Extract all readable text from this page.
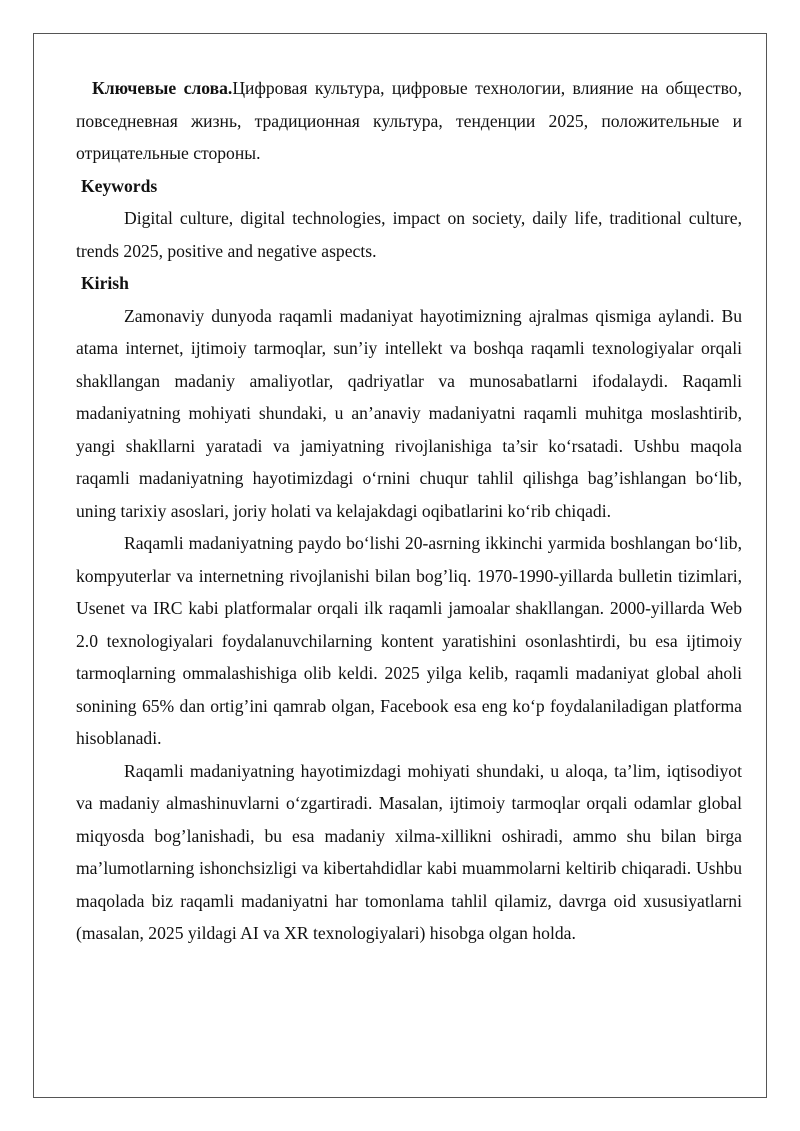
Ключевые слова.Цифровая культура, цифровые технологии, влияние на общество, повседневная жизнь, традиционная культура, тенденции 2025, положительные и отрицательные стороны.

Keywords

Digital culture, digital technologies, impact on society, daily life, traditional culture, trends 2025, positive and negative aspects.

Kirish

Zamonaviy dunyoda raqamli madaniyat hayotimizning ajralmas qismiga aylandi. Bu atama internet, ijtimoiy tarmoqlar, sun’iy intellekt va boshqa raqamli texnologiyalar orqali shakllangan madaniy amaliyotlar, qadriyatlar va munosabatlarni ifodalaydi. Raqamli madaniyatning mohiyati shundaki, u an’anaviy madaniyatni raqamli muhitga moslashtirib, yangi shakllarni yaratadi va jamiyatning rivojlanishiga ta’sir ko‘rsatadi. Ushbu maqola raqamli madaniyatning hayotimizdagi o‘rnini chuqur tahlil qilishga bag’ishlangan bo‘lib, uning tarixiy asoslari, joriy holati va kelajakdagi oqibatlarini ko‘rib chiqadi.

Raqamli madaniyatning paydo bo‘lishi 20-asrning ikkinchi yarmida boshlangan bo‘lib, kompyuterlar va internetning rivojlanishi bilan bog’liq. 1970-1990-yillarda bulletin tizimlari, Usenet va IRC kabi platformalar orqali ilk raqamli jamoalar shakllangan. 2000-yillarda Web 2.0 texnologiyalari foydalanuvchilarning kontent yaratishini osonlashtirdi, bu esa ijtimoiy tarmoqlarning ommalashishiga olib keldi. 2025 yilga kelib, raqamli madaniyat global aholi sonining 65% dan ortig’ini qamrab olgan, Facebook esa eng ko‘p foydalaniladigan platforma hisoblanadi.

Raqamli madaniyatning hayotimizdagi mohiyati shundaki, u aloqa, ta’lim, iqtisodiyot va madaniy almashinuvlarni o‘zgartiradi. Masalan, ijtimoiy tarmoqlar orqali odamlar global miqyosda bog’lanishadi, bu esa madaniy xilma-xillikni oshiradi, ammo shu bilan birga ma’lumotlarning ishonchsizligi va kibertahdidlar kabi muammolarni keltirib chiqaradi. Ushbu maqolada biz raqamli madaniyatni har tomonlama tahlil qilamiz, davrga oid xususiyatlarni (masalan, 2025 yildagi AI va XR texnologiyalari) hisobga olgan holda.
